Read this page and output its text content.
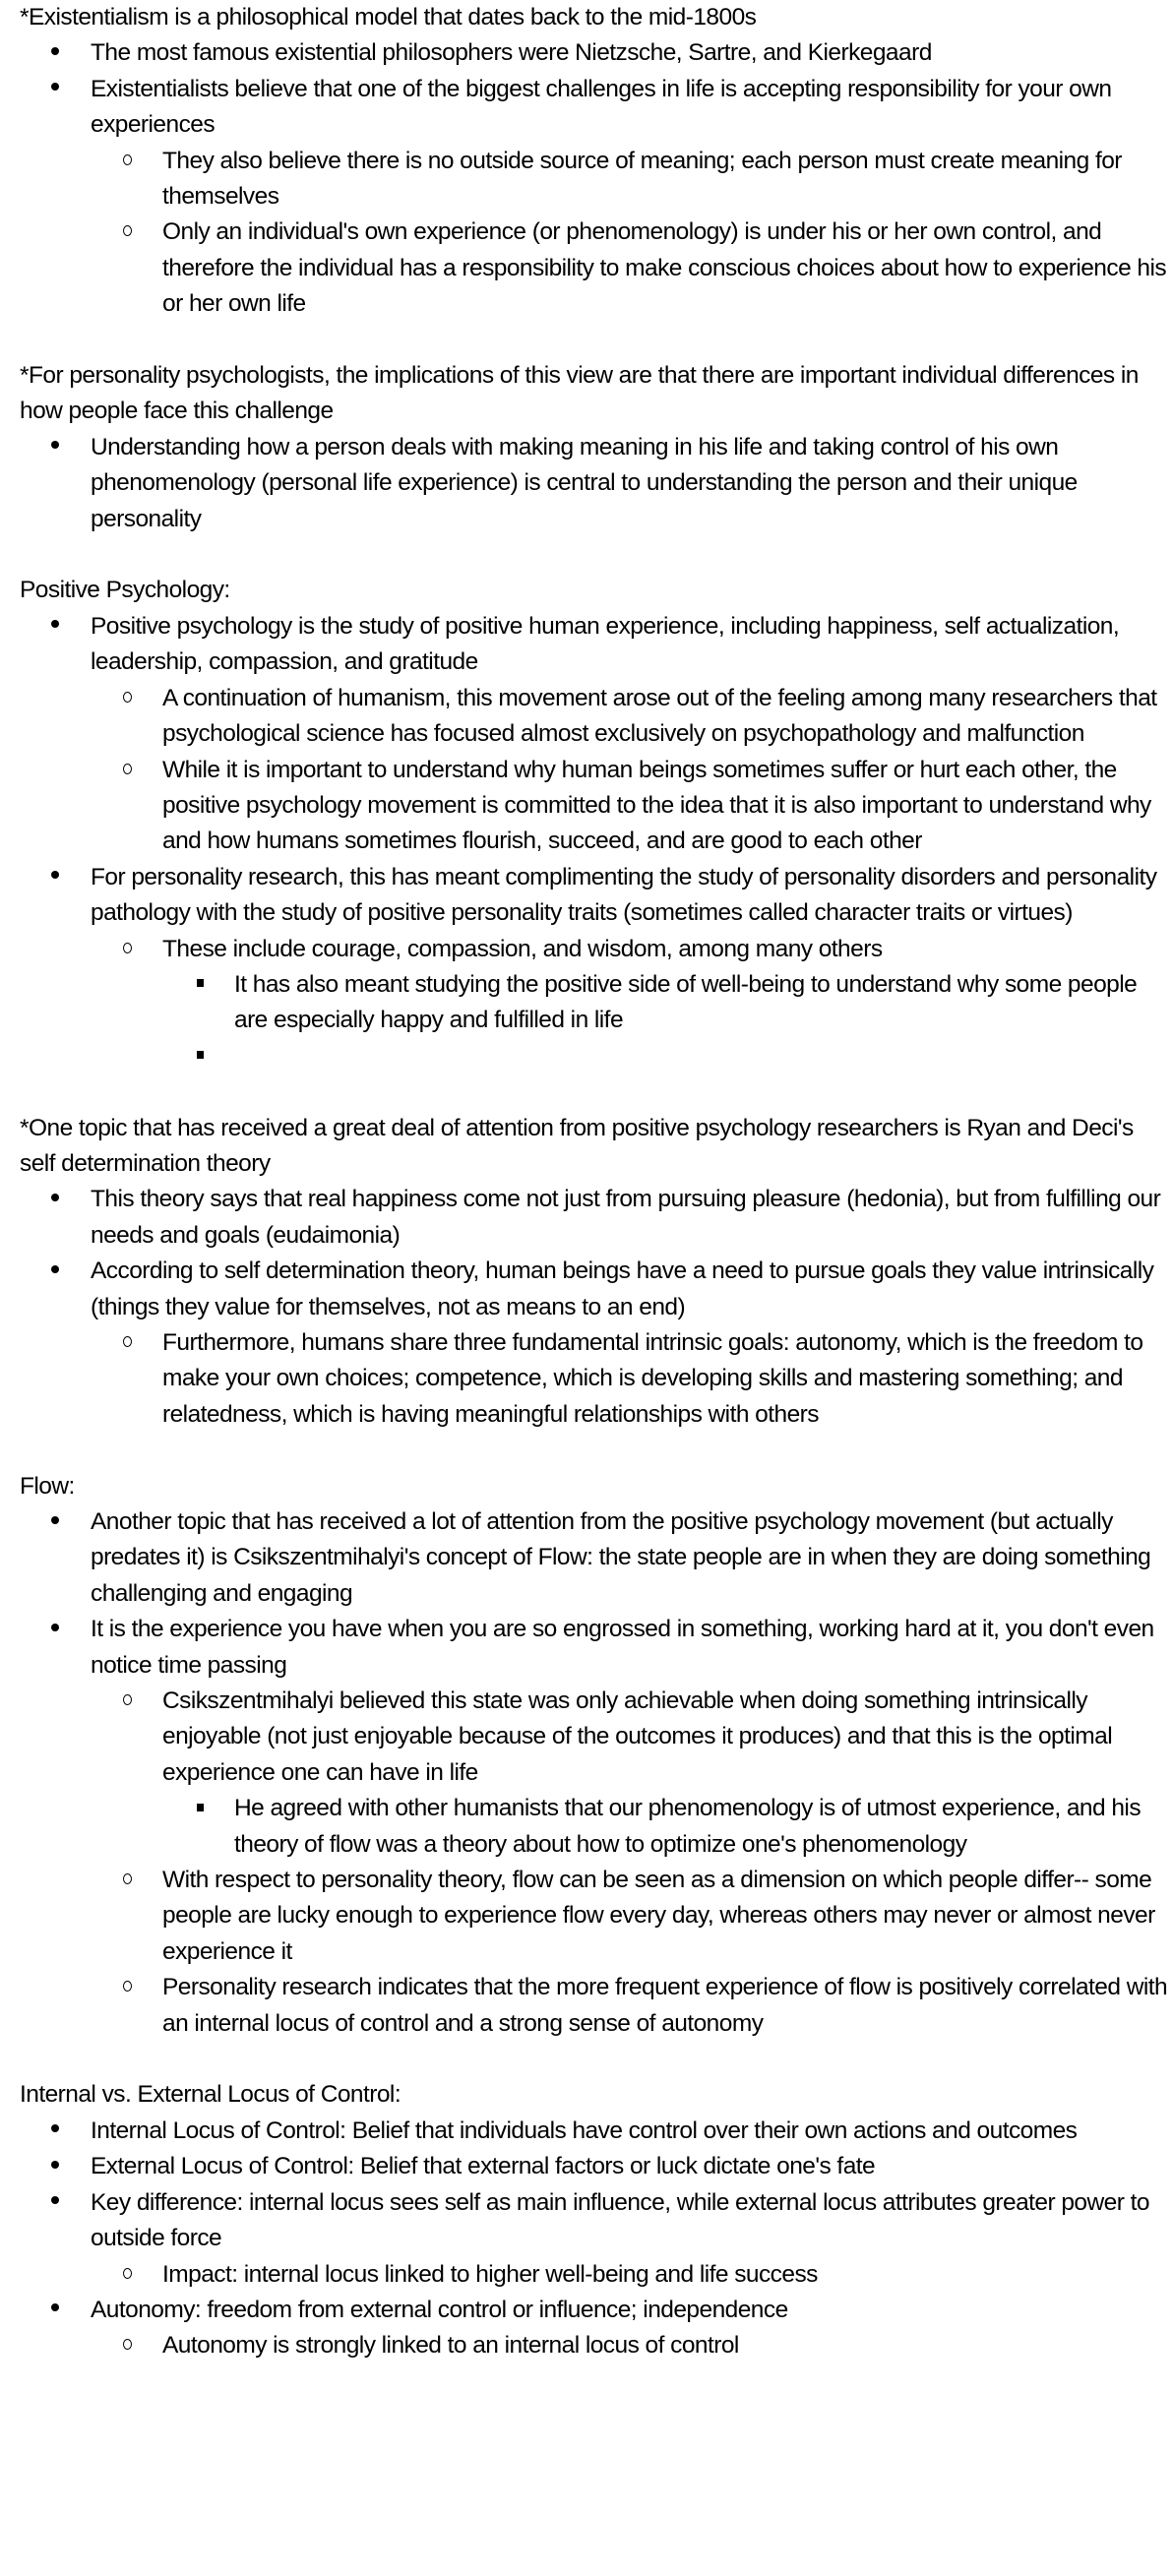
*Existentialism is a philosophical model that dates back to the mid-1800s

The most famous existential philosophers were Nietzsche, Sartre, and Kierkegaard
Existentialists believe that one of the biggest challenges in life is accepting responsibility for your own experiences
They also believe there is no outside source of meaning; each person must create meaning for themselves
Only an individual's own experience (or phenomenology) is under his or her own control, and therefore the individual has a responsibility to make conscious choices about how to experience his or her own life

*For personality psychologists, the implications of this view are that there are important individual differences in how people face this challenge

Understanding how a person deals with making meaning in his life and taking control of his own phenomenology (personal life experience) is central to understanding the person and their unique personality

Positive Psychology:

Positive psychology is the study of positive human experience, including happiness, self actualization, leadership, compassion, and gratitude
A continuation of humanism, this movement arose out of the feeling among many researchers that psychological science has focused almost exclusively on psychopathology and malfunction
While it is important to understand why human beings sometimes suffer or hurt each other, the positive psychology movement is committed to the idea that it is also important to understand why and how humans sometimes flourish, succeed, and are good to each other
For personality research, this has meant complimenting the study of personality disorders and personality pathology with the study of positive personality traits (sometimes called character traits or virtues)
These include courage, compassion, and wisdom, among many others
It has also meant studying the positive side of well-being to understand why some people are especially happy and fulfilled in life

*One topic that has received a great deal of attention from positive psychology researchers is Ryan and Deci's self determination theory

This theory says that real happiness come not just from pursuing pleasure (hedonia), but from fulfilling our needs and goals (eudaimonia)
According to self determination theory, human beings have a need to pursue goals they value intrinsically (things they value for themselves, not as means to an end)
Furthermore, humans share three fundamental intrinsic goals: autonomy, which is the freedom to make your own choices; competence, which is developing skills and mastering something; and relatedness, which is having meaningful relationships with others

Flow:

Another topic that has received a lot of attention from the positive psychology movement (but actually predates it) is Csikszentmihalyi's concept of Flow: the state people are in when they are doing something challenging and engaging
It is the experience you have when you are so engrossed in something, working hard at it, you don't even notice time passing
Csikszentmihalyi believed this state was only achievable when doing something intrinsically enjoyable (not just enjoyable because of the outcomes it produces) and that this is the optimal experience one can have in life
He agreed with other humanists that our phenomenology is of utmost experience, and his theory of flow was a theory about how to optimize one's phenomenology
With respect to personality theory, flow can be seen as a dimension on which people differ-- some people are lucky enough to experience flow every day, whereas others may never or almost never experience it
Personality research indicates that the more frequent experience of flow is positively correlated with an internal locus of control and a strong sense of autonomy

Internal vs. External Locus of Control:

Internal Locus of Control: Belief that individuals have control over their own actions and outcomes
External Locus of Control: Belief that external factors or luck dictate one's fate
Key difference: internal locus sees self as main influence, while external locus attributes greater power to outside force
Impact: internal locus linked to higher well-being and life success
Autonomy: freedom from external control or influence; independence
Autonomy is strongly linked to an internal locus of control
